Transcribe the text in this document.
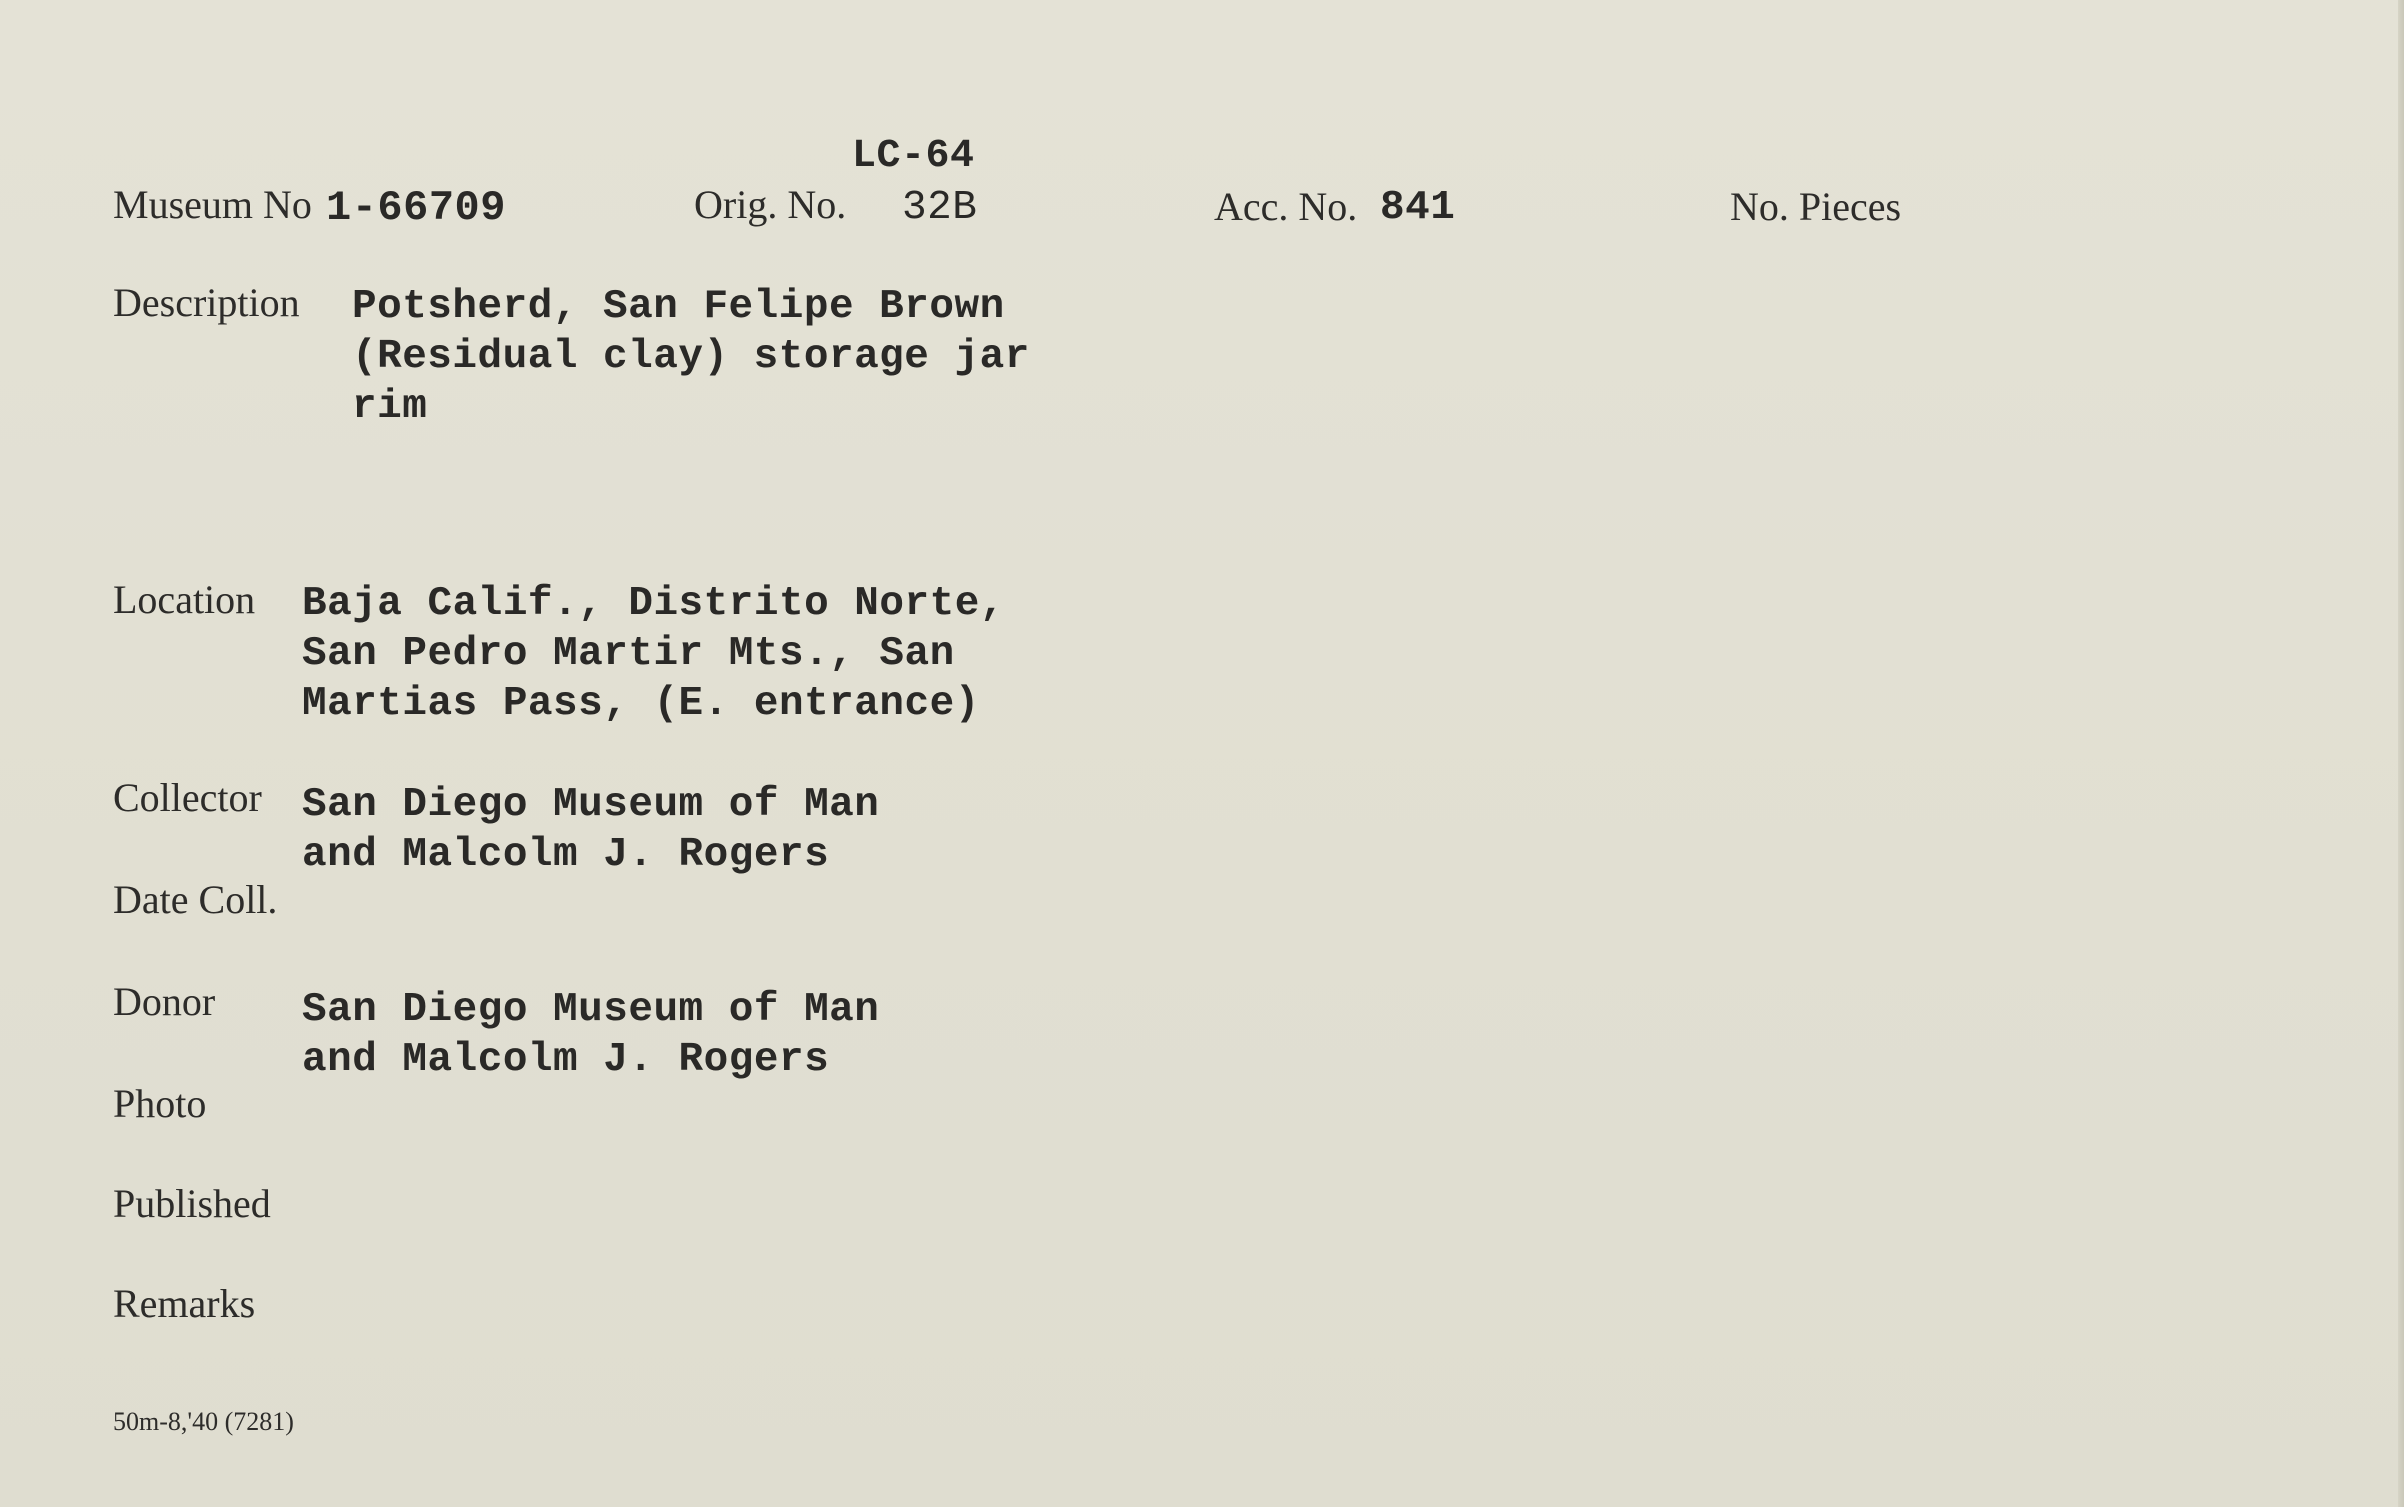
Museum No 1-66709
LC-64
Orig. No. 32B	Acc. No. 841	No. Pieces
Description Potsherd, San Felipe Brown
(Residual clay) storage jar
rim
Location Baja Calif., Distrito Norte,
San Pedro Martir Mts., San
Martias Pass, (E. entrance)
Collector San Diego Museum of Man
and Malcolm J. Rogers
Date Coll.
Donor San Diego Museum of Man
and Malcolm J. Rogers
Photo
Published
Remarks
50m-8,'40 (7281)
